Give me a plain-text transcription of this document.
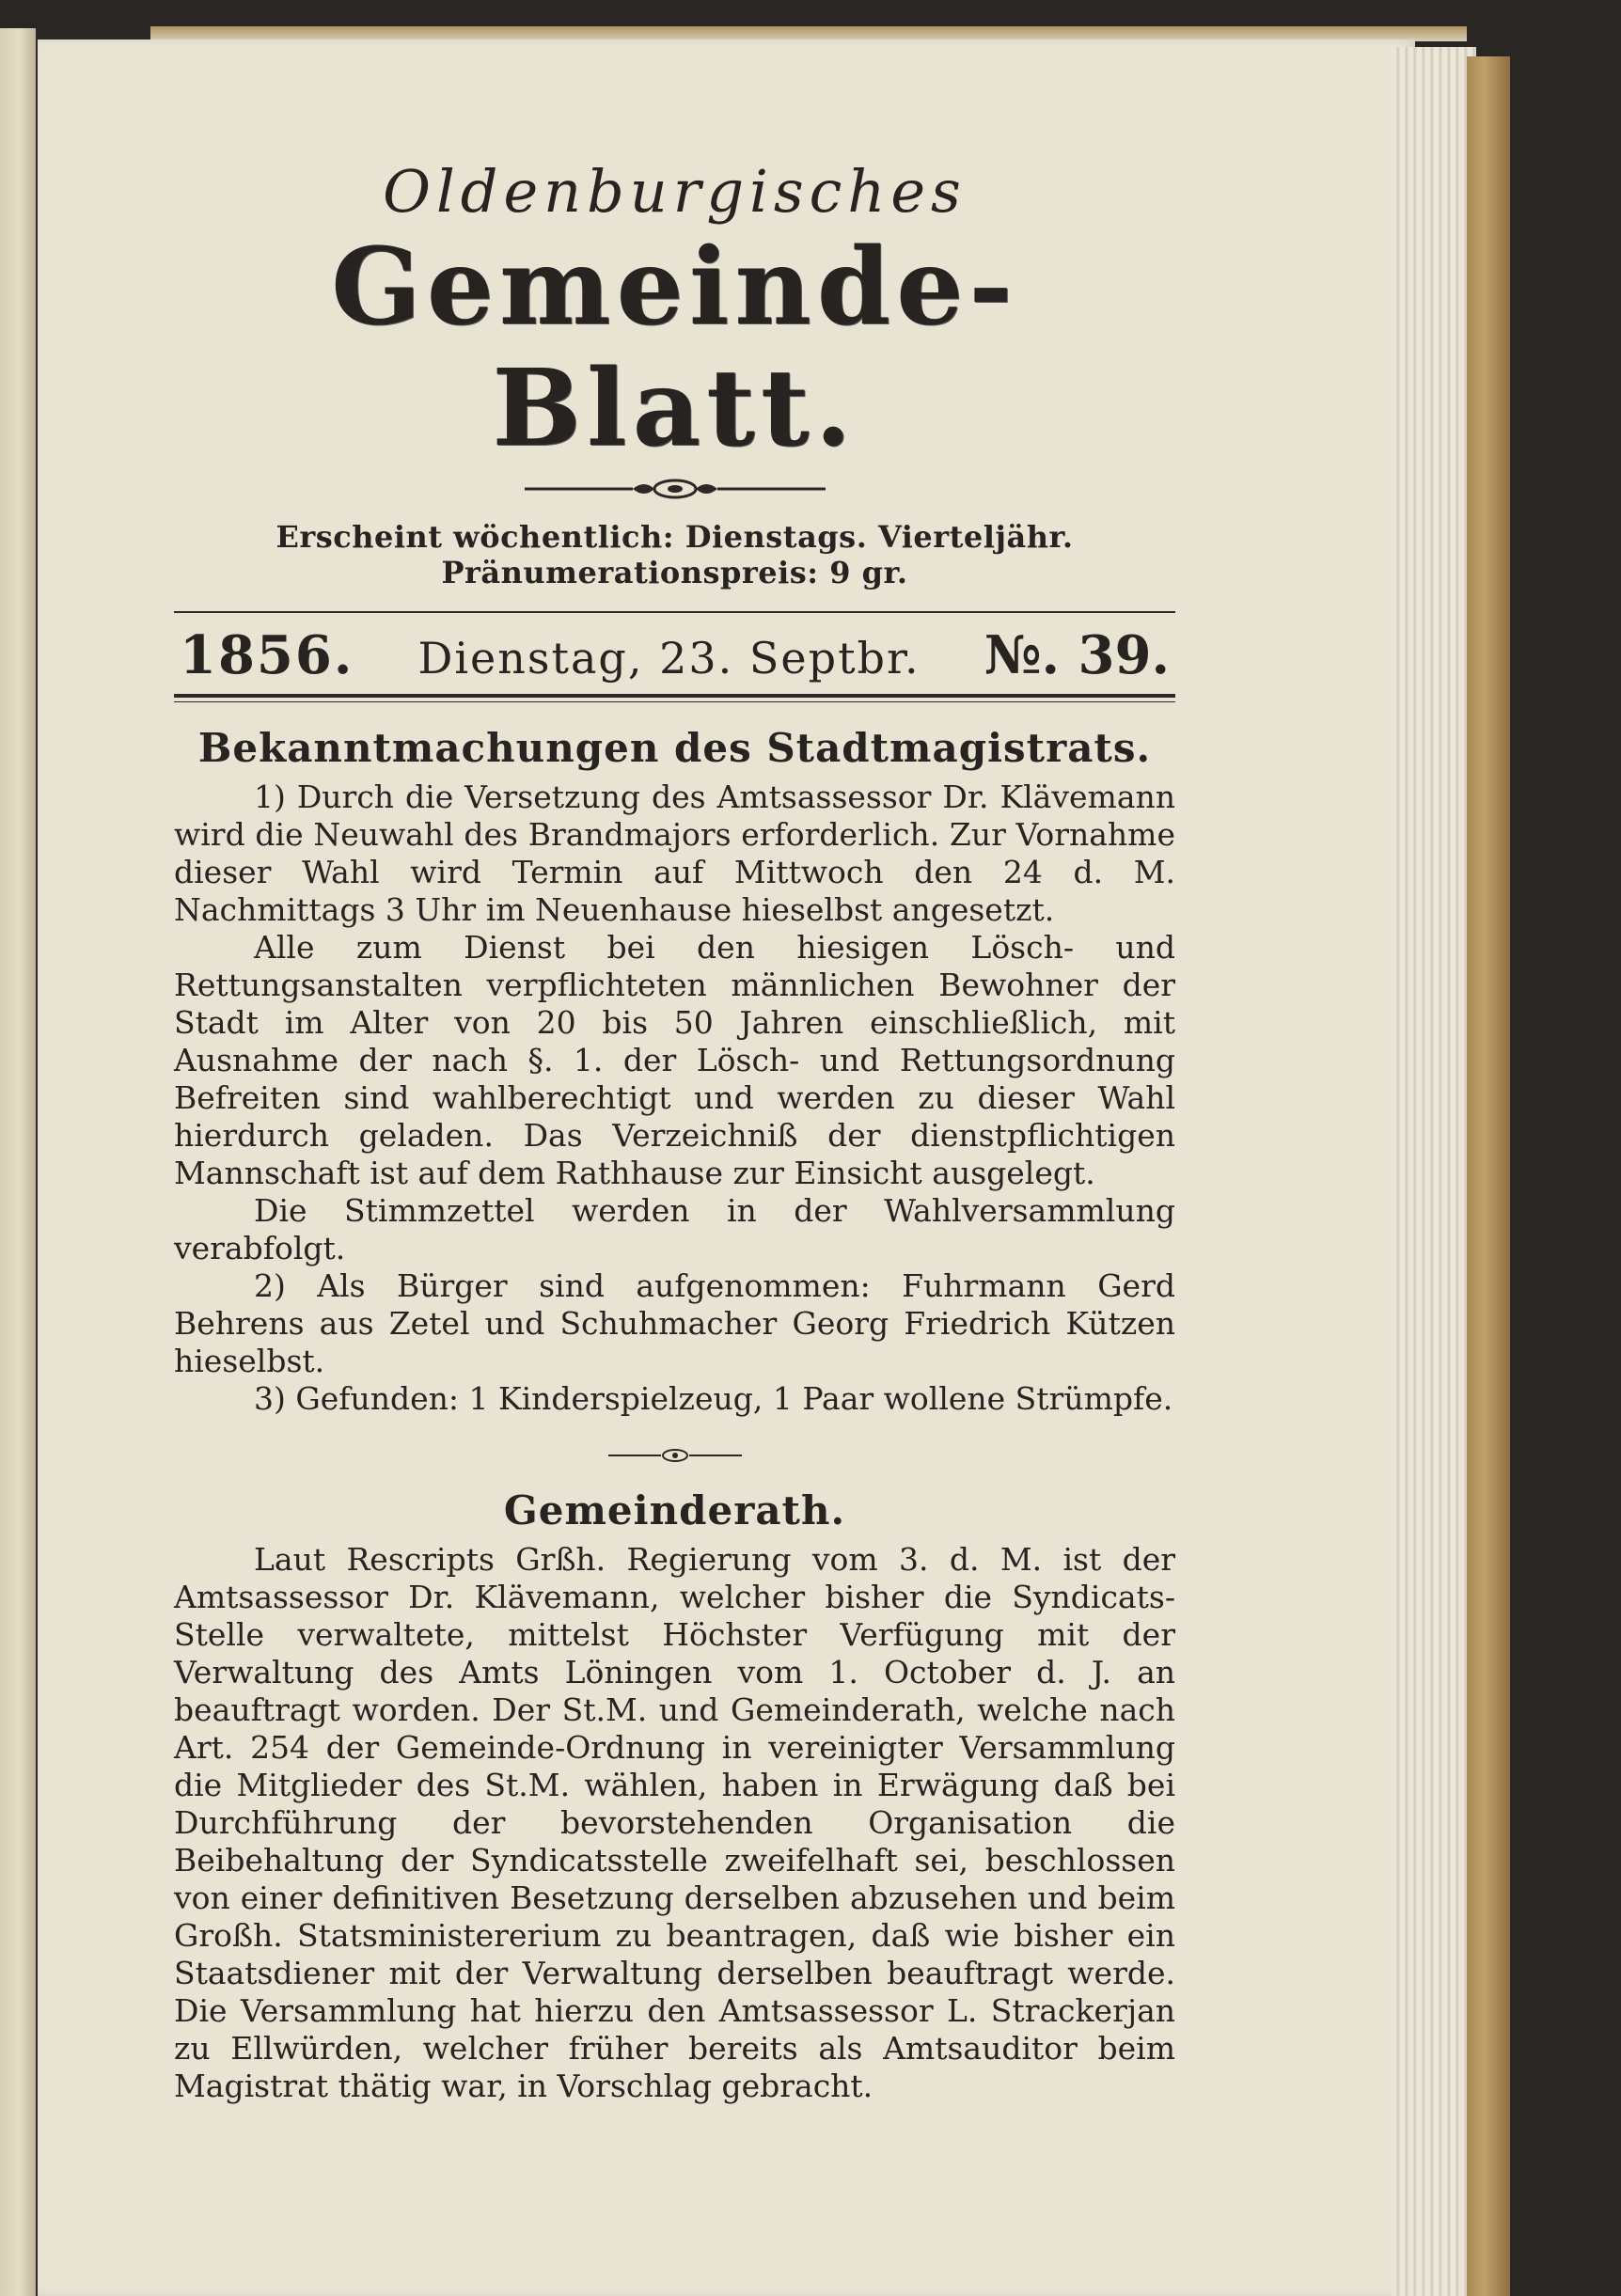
Oldenburgisches
Gemeinde-Blatt.
Erscheint wöchentlich: Dienstags. Vierteljähr. Pränumerationspreis: 9 gr.
1856. Dienstag, 23. Septbr. №. 39.
Bekanntmachungen des Stadtmagistrats.

1) Durch die Versetzung des Amtsassessor Dr. Klävemann wird die Neuwahl des Brandmajors erforderlich. Zur Vornahme dieser Wahl wird Termin auf Mittwoch den 24 d. M. Nachmittags 3 Uhr im Neuenhause hieselbst angesetzt.

Alle zum Dienst bei den hiesigen Lösch- und Rettungsanstalten verpflichteten männlichen Bewohner der Stadt im Alter von 20 bis 50 Jahren einschließlich, mit Ausnahme der nach §. 1. der Lösch- und Rettungsordnung Befreiten sind wahlberechtigt und werden zu dieser Wahl hierdurch geladen. Das Verzeichniß der dienstpflichtigen Mannschaft ist auf dem Rathhause zur Einsicht ausgelegt.

Die Stimmzettel werden in der Wahlversammlung verabfolgt.

2) Als Bürger sind aufgenommen: Fuhrmann Gerd Behrens aus Zetel und Schuhmacher Georg Friedrich Kützen hieselbst.

3) Gefunden: 1 Kinderspielzeug, 1 Paar wollene Strümpfe.

Gemeinderath.

Laut Rescripts Grßh. Regierung vom 3. d. M. ist der Amtsassessor Dr. Klävemann, welcher bisher die Syndicats-Stelle verwaltete, mittelst Höchster Verfügung mit der Verwaltung des Amts Löningen vom 1. October d. J. an beauftragt worden. Der St.M. und Gemeinderath, welche nach Art. 254 der Gemeinde-Ordnung in vereinigter Versammlung die Mitglieder des St.M. wählen, haben in Erwägung daß bei Durchführung der bevorstehenden Organisation die Beibehaltung der Syndicatsstelle zweifelhaft sei, beschlossen von einer definitiven Besetzung derselben abzusehen und beim Großh. Statsministererium zu beantragen, daß wie bisher ein Staatsdiener mit der Verwaltung derselben beauftragt werde. Die Versammlung hat hierzu den Amtsassessor L. Strackerjan zu Ellwürden, welcher früher bereits als Amtsauditor beim Magistrat thätig war, in Vorschlag gebracht.
